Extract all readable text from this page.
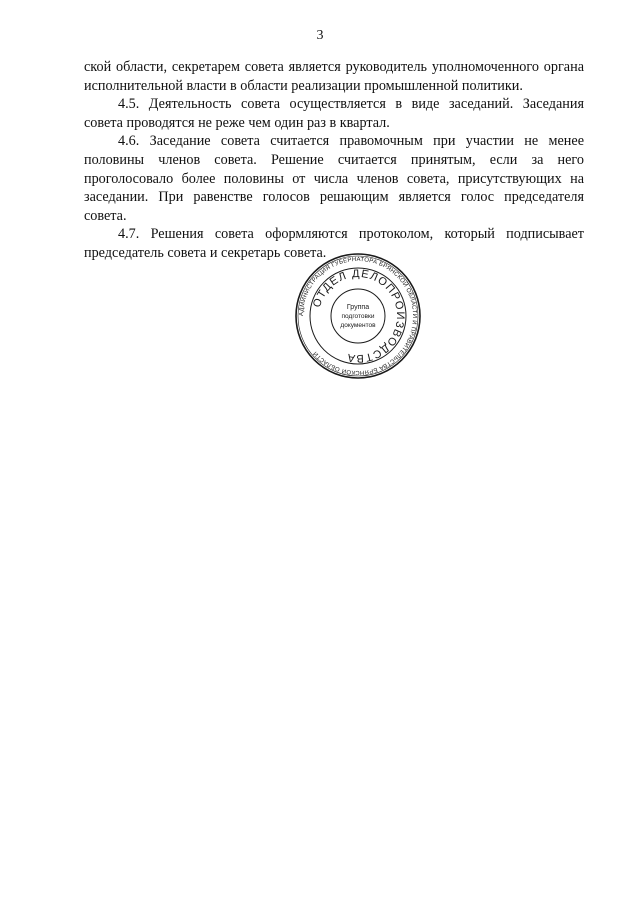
3

ской области, секретарем совета является руководитель уполномоченного органа исполнительной власти в области реализации промышленной политики.

4.5. Деятельность совета осуществляется в виде заседаний. Заседания совета проводятся не реже чем один раз в квартал.

4.6. Заседание совета считается правомочным при участии не менее половины членов совета. Решение считается принятым, если за него проголосовало более половины от числа членов совета, присутствующих на заседании. При равенстве голосов решающим является голос председателя совета.

4.7. Решения совета оформляются протоколом, который подписывает председатель совета и секретарь совета.

АДМИНИСТРАЦИЯ ГУБЕРНАТОРА БРЯНСКОЙ ОБЛАСТИ И ПРАВИТЕЛЬСТВА БРЯНСКОЙ ОБЛАСТИ
ОТДЕЛ ДЕЛОПРОИЗВОДСТВА
Группа
подготовки
документов
